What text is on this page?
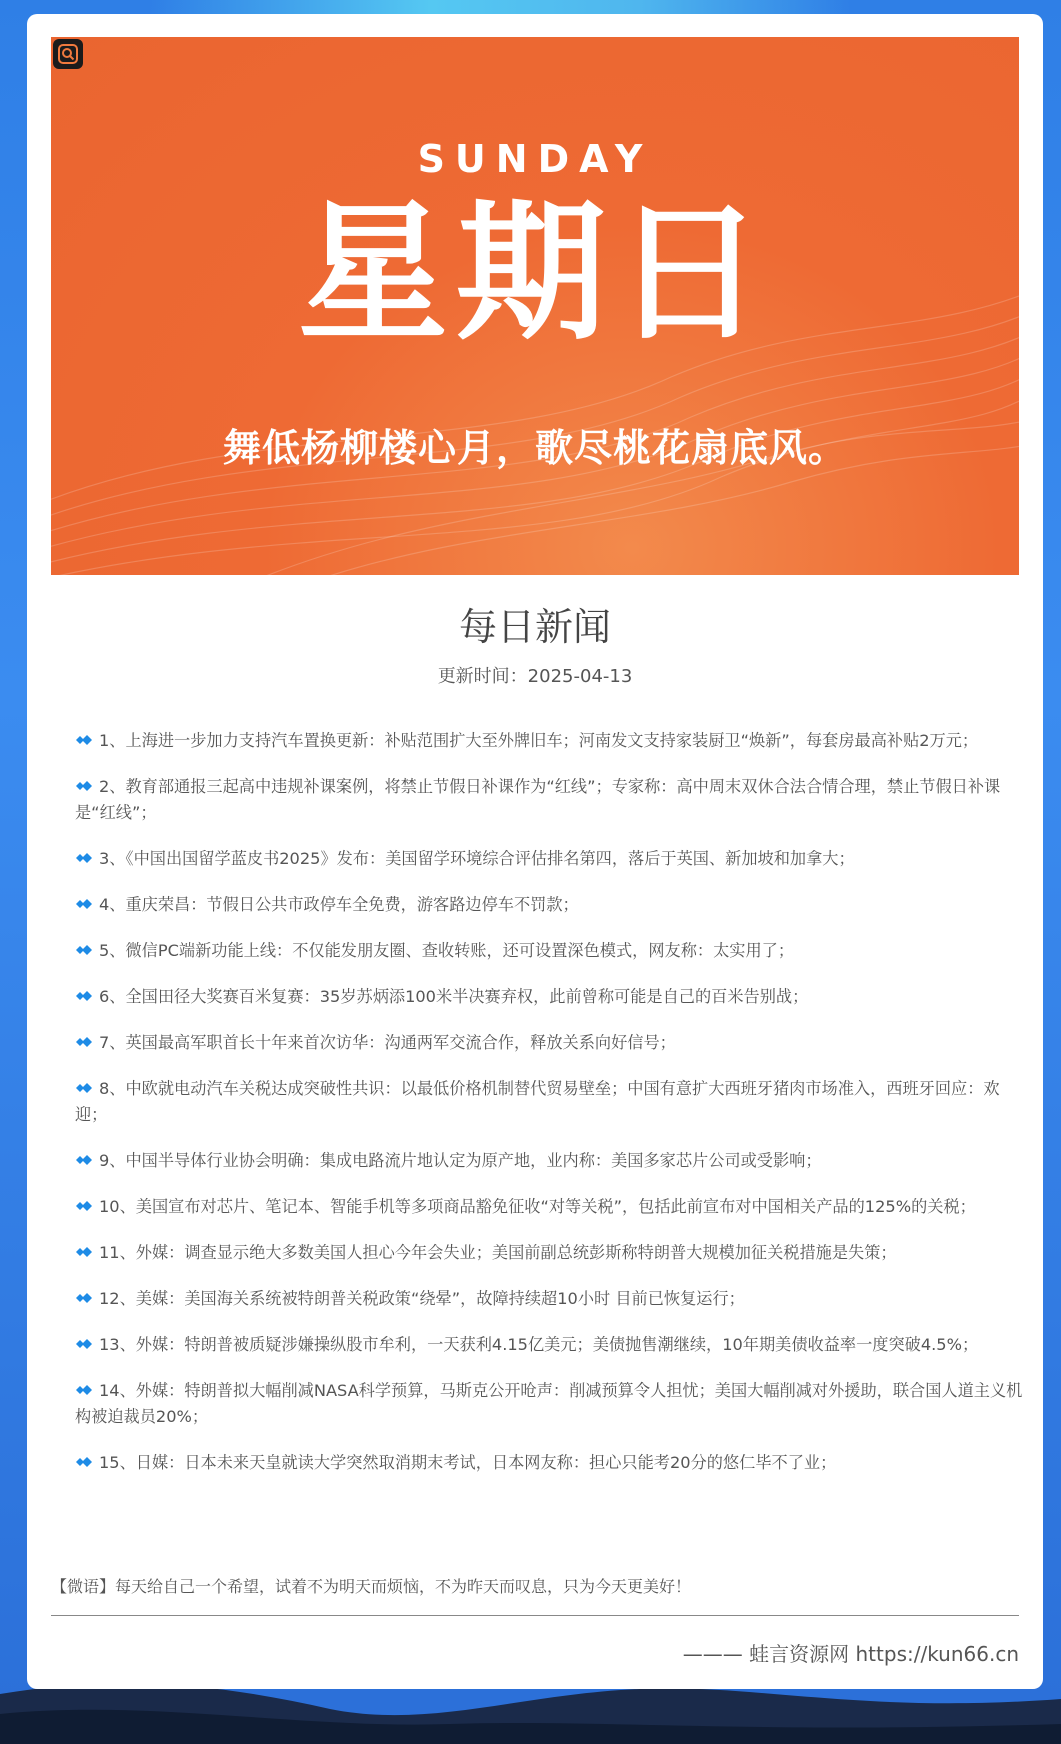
SUNDAY
星期日
舞低杨柳楼心月，歌尽桃花扇底风。
每日新闻
更新时间：2025-04-13
1、上海进一步加力支持汽车置换更新：补贴范围扩大至外牌旧车；河南发文支持家装厨卫“焕新”，每套房最高补贴2万元；
2、教育部通报三起高中违规补课案例，将禁止节假日补课作为“红线”；专家称：高中周末双休合法合情合理，禁止节假日补课是“红线”；
3、《中国出国留学蓝皮书2025》发布：美国留学环境综合评估排名第四，落后于英国、新加坡和加拿大；
4、重庆荣昌：节假日公共市政停车全免费，游客路边停车不罚款；
5、微信PC端新功能上线：不仅能发朋友圈、查收转账，还可设置深色模式，网友称：太实用了；
6、全国田径大奖赛百米复赛：35岁苏炳添100米半决赛弃权，此前曾称可能是自己的百米告别战；
7、英国最高军职首长十年来首次访华：沟通两军交流合作，释放关系向好信号；
8、中欧就电动汽车关税达成突破性共识：以最低价格机制替代贸易壁垒；中国有意扩大西班牙猪肉市场准入，西班牙回应：欢迎；
9、中国半导体行业协会明确：集成电路流片地认定为原产地，业内称：美国多家芯片公司或受影响；
10、美国宣布对芯片、笔记本、智能手机等多项商品豁免征收“对等关税”，包括此前宣布对中国相关产品的125%的关税；
11、外媒：调查显示绝大多数美国人担心今年会失业；美国前副总统彭斯称特朗普大规模加征关税措施是失策；
12、美媒：美国海关系统被特朗普关税政策“绕晕”，故障持续超10小时 目前已恢复运行；
13、外媒：特朗普被质疑涉嫌操纵股市牟利，一天获利4.15亿美元；美债抛售潮继续，10年期美债收益率一度突破4.5%；
14、外媒：特朗普拟大幅削减NASA科学预算，马斯克公开呛声：削减预算令人担忧；美国大幅削减对外援助，联合国人道主义机构被迫裁员20%；
15、日媒：日本未来天皇就读大学突然取消期末考试，日本网友称：担心只能考20分的悠仁毕不了业；
【微语】每天给自己一个希望，试着不为明天而烦恼，不为昨天而叹息，只为今天更美好！
——— 蛙言资源网 https://kun66.cn
